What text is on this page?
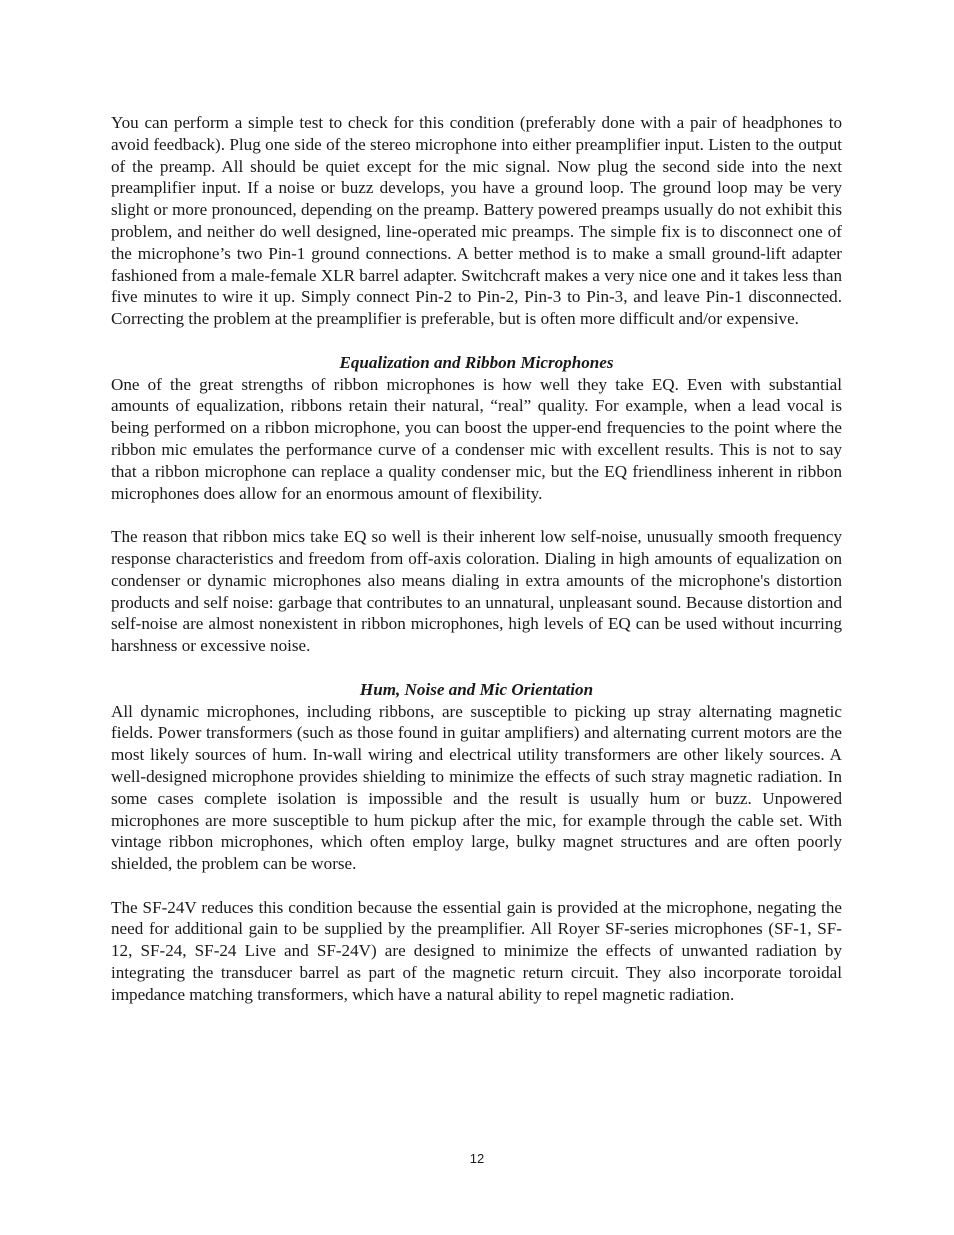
You can perform a simple test to check for this condition (preferably done with a pair of headphones to avoid feedback). Plug one side of the stereo microphone into either preamplifier input. Listen to the output of the preamp. All should be quiet except for the mic signal. Now plug the second side into the next preamplifier input. If a noise or buzz develops, you have a ground loop. The ground loop may be very slight or more pronounced, depending on the preamp. Battery powered preamps usually do not exhibit this problem, and neither do well designed, line-operated mic preamps. The simple fix is to disconnect one of the microphone’s two Pin-1 ground connections. A better method is to make a small ground-lift adapter fashioned from a male-female XLR barrel adapter. Switchcraft makes a very nice one and it takes less than five minutes to wire it up. Simply connect Pin-2 to Pin-2, Pin-3 to Pin-3, and leave Pin-1 disconnected. Correcting the problem at the preamplifier is preferable, but is often more difficult and/or expensive.

Equalization and Ribbon Microphones

One of the great strengths of ribbon microphones is how well they take EQ. Even with substantial amounts of equalization, ribbons retain their natural, “real” quality. For example, when a lead vocal is being performed on a ribbon microphone, you can boost the upper-end frequencies to the point where the ribbon mic emulates the performance curve of a condenser mic with excellent results. This is not to say that a ribbon microphone can replace a quality condenser mic, but the EQ friendliness inherent in ribbon microphones does allow for an enormous amount of flexibility.

The reason that ribbon mics take EQ so well is their inherent low self-noise, unusually smooth frequency response characteristics and freedom from off-axis coloration. Dialing in high amounts of equalization on condenser or dynamic microphones also means dialing in extra amounts of the microphone's distortion products and self noise: garbage that contributes to an unnatural, unpleasant sound. Because distortion and self-noise are almost nonexistent in ribbon microphones, high levels of EQ can be used without incurring harshness or excessive noise.

Hum, Noise and Mic Orientation

All dynamic microphones, including ribbons, are susceptible to picking up stray alternating magnetic fields. Power transformers (such as those found in guitar amplifiers) and alternating current motors are the most likely sources of hum. In-wall wiring and electrical utility transformers are other likely sources. A well-designed microphone provides shielding to minimize the effects of such stray magnetic radiation. In some cases complete isolation is impossible and the result is usually hum or buzz. Unpowered microphones are more susceptible to hum pickup after the mic, for example through the cable set. With vintage ribbon microphones, which often employ large, bulky magnet structures and are often poorly shielded, the problem can be worse.

The SF-24V reduces this condition because the essential gain is provided at the microphone, negating the need for additional gain to be supplied by the preamplifier. All Royer SF-series microphones (SF-1, SF-12, SF-24, SF-24 Live and SF-24V) are designed to minimize the effects of unwanted radiation by integrating the transducer barrel as part of the magnetic return circuit. They also incorporate toroidal impedance matching transformers, which have a natural ability to repel magnetic radiation.

12
